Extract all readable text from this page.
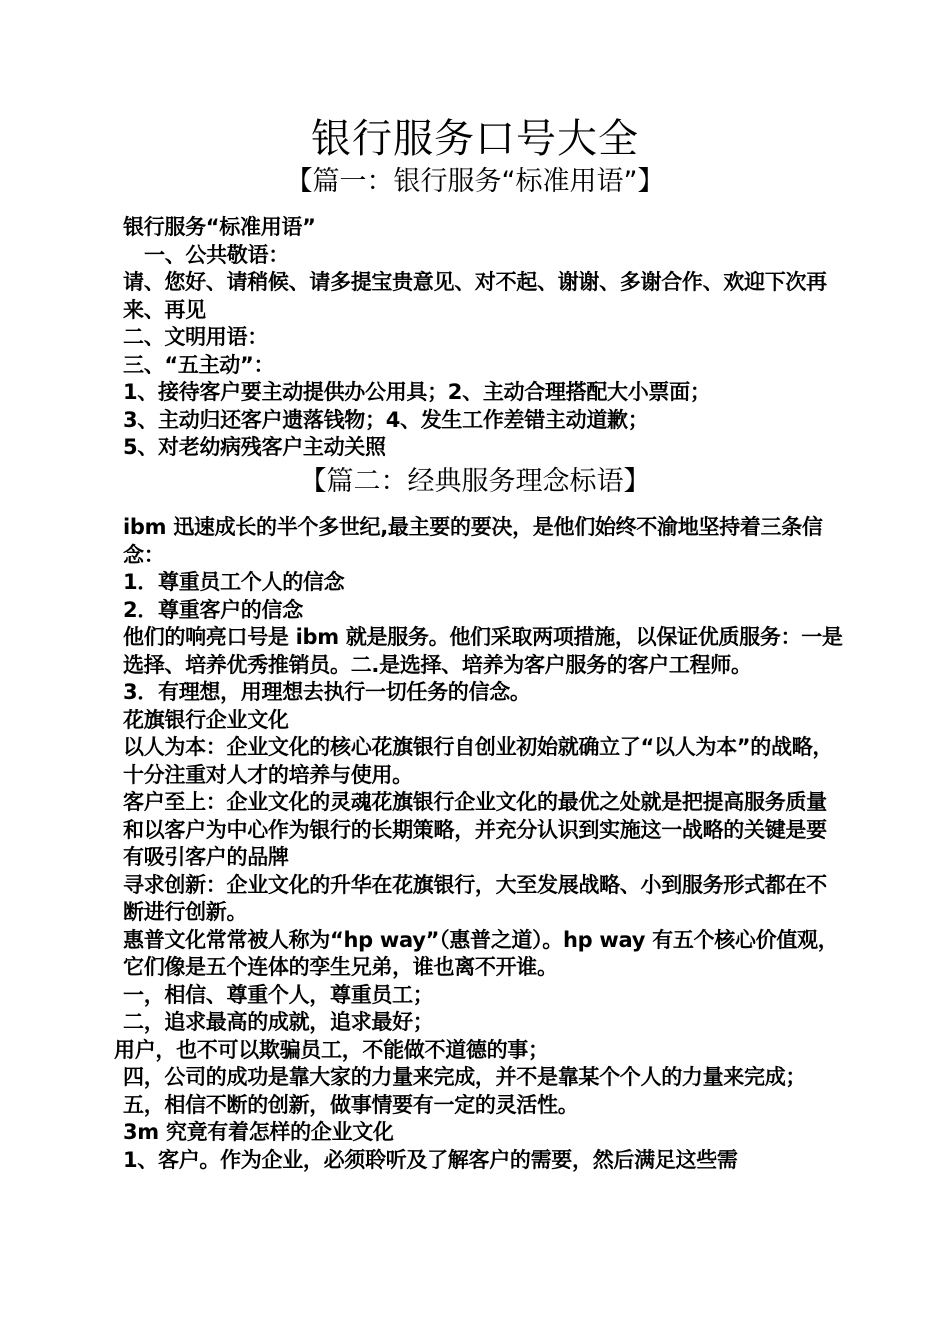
银行服务口号大全
【篇一：银行服务“标准用语”】

银行服务“标准用语”

一、公共敬语：

请、您好、请稍候、请多提宝贵意见、对不起、谢谢、多谢合作、欢迎下次再来、再见

二、文明用语：

三、“五主动”：

1、接待客户要主动提供办公用具；2、主动合理搭配大小票面；

3、主动归还客户遗落钱物；4、发生工作差错主动道歉；

5、对老幼病残客户主动关照

【篇二：经典服务理念标语】

ibm 迅速成长的半个多世纪,最主要的要决，是他们始终不渝地坚持着三条信念：

1．尊重员工个人的信念

2．尊重客户的信念

他们的响亮口号是 ibm 就是服务。他们采取两项措施，以保证优质服务：一是选择、培养优秀推销员。二.是选择、培养为客户服务的客户工程师。

3．有理想，用理想去执行一切任务的信念。

花旗银行企业文化

以人为本：企业文化的核心花旗银行自创业初始就确立了“以人为本”的战略，十分注重对人才的培养与使用。

客户至上：企业文化的灵魂花旗银行企业文化的最优之处就是把提高服务质量和以客户为中心作为银行的长期策略，并充分认识到实施这一战略的关键是要有吸引客户的品牌

寻求创新：企业文化的升华在花旗银行，大至发展战略、小到服务形式都在不断进行创新。

惠普文化常常被人称为“hp way”（惠普之道）。hp way 有五个核心价值观，它们像是五个连体的孪生兄弟，谁也离不开谁。

一，相信、尊重个人，尊重员工；

二，追求最高的成就，追求最好；

用户，也不可以欺骗员工，不能做不道德的事；

四，公司的成功是靠大家的力量来完成，并不是靠某个个人的力量来完成；五，相信不断的创新，做事情要有一定的灵活性。

3m 究竟有着怎样的企业文化

1、客户。作为企业，必须聆听及了解客户的需要，然后满足这些需
